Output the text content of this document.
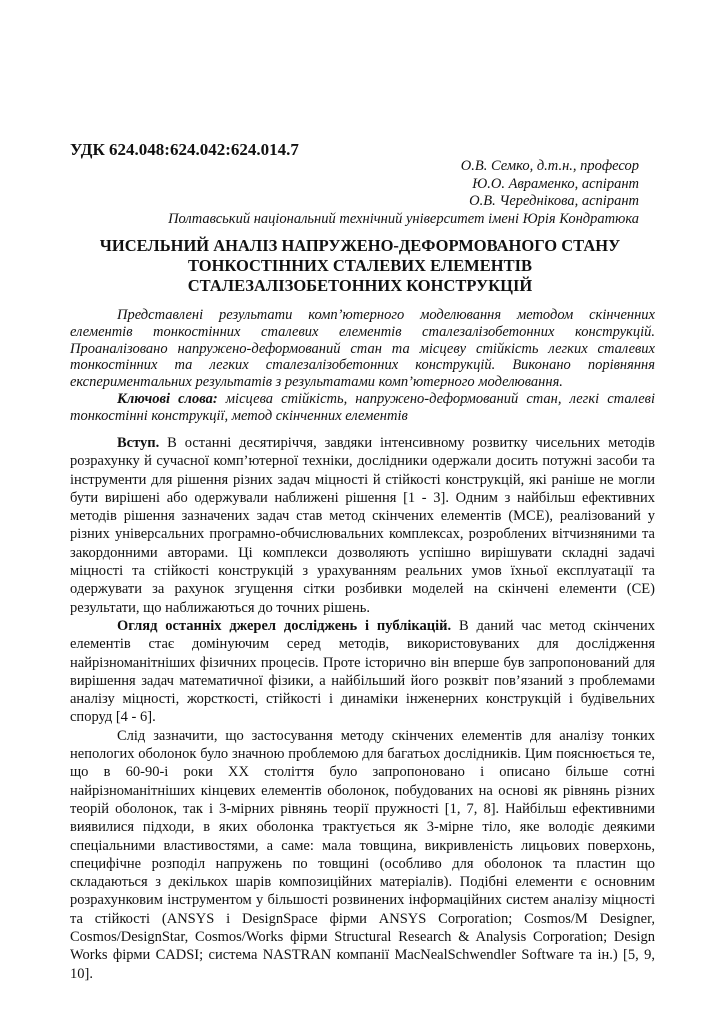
УДК 624.048:624.042:624.014.7
О.В. Семко, д.т.н., професор
Ю.О. Авраменко, аспірант
О.В. Череднікова, аспірант
Полтавський національний технічний університет імені Юрія Кондратюка
ЧИСЕЛЬНИЙ АНАЛІЗ НАПРУЖЕНО-ДЕФОРМОВАНОГО СТАНУ
ТОНКОСТІННИХ СТАЛЕВИХ ЕЛЕМЕНТІВ
СТАЛЕЗАЛІЗОБЕТОННИХ КОНСТРУКЦІЙ

Представлені результати комп’ютерного моделювання методом скінченних елементів тонкостінних сталевих елементів сталезалізобетонних конструкцій. Проаналізовано напружено-деформований стан та місцеву стійкість легких сталевих тонкостінних та легких сталезалізобетонних конструкцій. Виконано порівняння експериментальних результатів з результатами комп’ютерного моделювання.

Ключові слова: місцева стійкість, напружено-деформований стан, легкі сталеві тонкостінні конструкції, метод скінченних елементів

Вступ. В останні десятиріччя, завдяки інтенсивному розвитку чисельних методів розрахунку й сучасної комп’ютерної техніки, дослідники одержали досить потужні засоби та інструменти для рішення різних задач міцності й стійкості конструкцій, які раніше не могли бути вирішені або одержували наближені рішення [1 - 3]. Одним з найбільш ефективних методів рішення зазначених задач став метод скінчених елементів (МСЕ), реалізований у різних універсальних програмно-обчислювальних комплексах, розроблених вітчизняними та закордонними авторами. Ці комплекси дозволяють успішно вирішувати складні задачі міцності та стійкості конструкцій з урахуванням реальних умов їхньої експлуатації та одержувати за рахунок згущення сітки розбивки моделей на скінчені елементи (СЕ) результати, що наближаються до точних рішень.

Огляд останніх джерел досліджень і публікацій. В даний час метод скінчених елементів стає домінуючим серед методів, використовуваних для дослідження найрізноманітніших фізичних процесів. Проте історично він вперше був запропонований для вирішення задач математичної фізики, а найбільший його розквіт пов’язаний з проблемами аналізу міцності, жорсткості, стійкості і динаміки інженерних конструкцій і будівельних споруд [4 - 6].

Слід зазначити, що застосування методу скінчених елементів для аналізу тонких непологих оболонок було значною проблемою для багатьох дослідників. Цим пояснюється те, що в 60-90-і роки ХХ століття було запропоновано і описано більше сотні найрізноманітніших кінцевих елементів оболонок, побудованих на основі як рівнянь різних теорій оболонок, так і 3-мірних рівнянь теорії пружності [1, 7, 8]. Найбільш ефективними виявилися підходи, в яких оболонка трактується як 3-мірне тіло, яке володіє деякими спеціальними властивостями, а саме: мала товщина, викривленість лицьових поверхонь, специфічне розподіл напружень по товщині (особливо для оболонок та пластин що складаються з декількох шарів композиційних матеріалів). Подібні елементи є основним розрахунковим інструментом у більшості розвинених інформаційних систем аналізу міцності та стійкості (ANSYS і DesignSpace фірми ANSYS Corporation; Cosmos/M Designer, Cosmos/DesignStar, Cosmos/Works фірми Structural Research & Analysis Corporation; Design Works фірми CADSI; система NASTRAN компанії MacNealSchwendler Software та ін.) [5, 9, 10].
